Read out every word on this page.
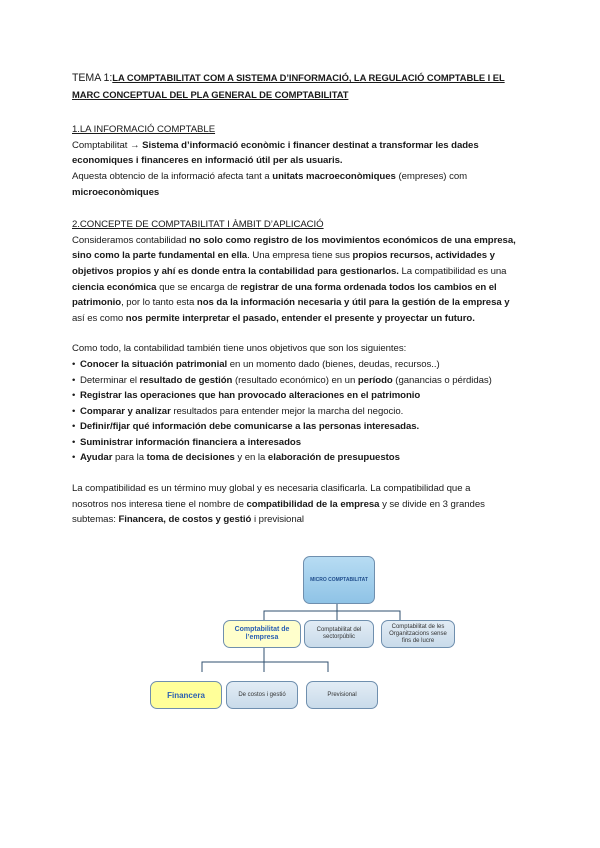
TEMA 1:LA COMPTABILITAT COM A SISTEMA D’INFORMACIÓ, LA REGULACIÓ COMPTABLE I EL
MARC CONCEPTUAL DEL PLA GENERAL DE COMPTABILITAT

1.LA INFORMACIÓ COMPTABLE

Comptabilitat → Sistema d’informació econòmic i financer destinat a transformar les dades

economiques i financeres en informació útil per als usuaris.

Aquesta obtencio de la informació afecta tant a unitats macroeconòmiques (empreses) com

microeconòmiques

2.CONCEPTE DE COMPTABILITAT I ÀMBIT D’APLICACIÓ

Consideramos contabilidad no solo como registro de los movimientos económicos de una empresa,

sino como la parte fundamental en ella. Una empresa tiene sus propios recursos, actividades y

objetivos propios y ahí es donde entra la contabilidad para gestionarlos. La compatibilidad es una

ciencia económica que se encarga de registrar de una forma ordenada todos los cambios en el

patrimonio, por lo tanto esta nos da la información necesaria y útil para la gestión de la empresa y

así es como nos permite interpretar el pasado, entender el presente y proyectar un futuro.

Como todo, la contabilidad también tiene unos objetivos que son los siguientes:

• Conocer la situación patrimonial en un momento dado (bienes, deudas, recursos..)
• Determinar el resultado de gestión (resultado económico) en un período (ganancias o pérdidas)
• Registrar las operaciones que han provocado alteraciones en el patrimonio
• Comparar y analizar resultados para entender mejor la marcha del negocio.
• Definir/fijar qué información debe comunicarse a las personas interesadas.
• Suministrar información financiera a interesados
• Ayudar para la toma de decisiones y en la elaboración de presupuestos

La compatibilidad es un término muy global y es necesaria clasificarla. La compatibilidad que a

nosotros nos interesa tiene el nombre de compatibilidad de la empresa y se divide en 3 grandes

subtemas: Financera, de costos y gestió i previsional

MICRO COMPTABILITAT
Comptabilitat de l’empresa
Comptabilitat del sectorpúblic
Comptabilitat de les Organitzacions sense fins de lucre
Financera	De costos i gestió	Previsional
